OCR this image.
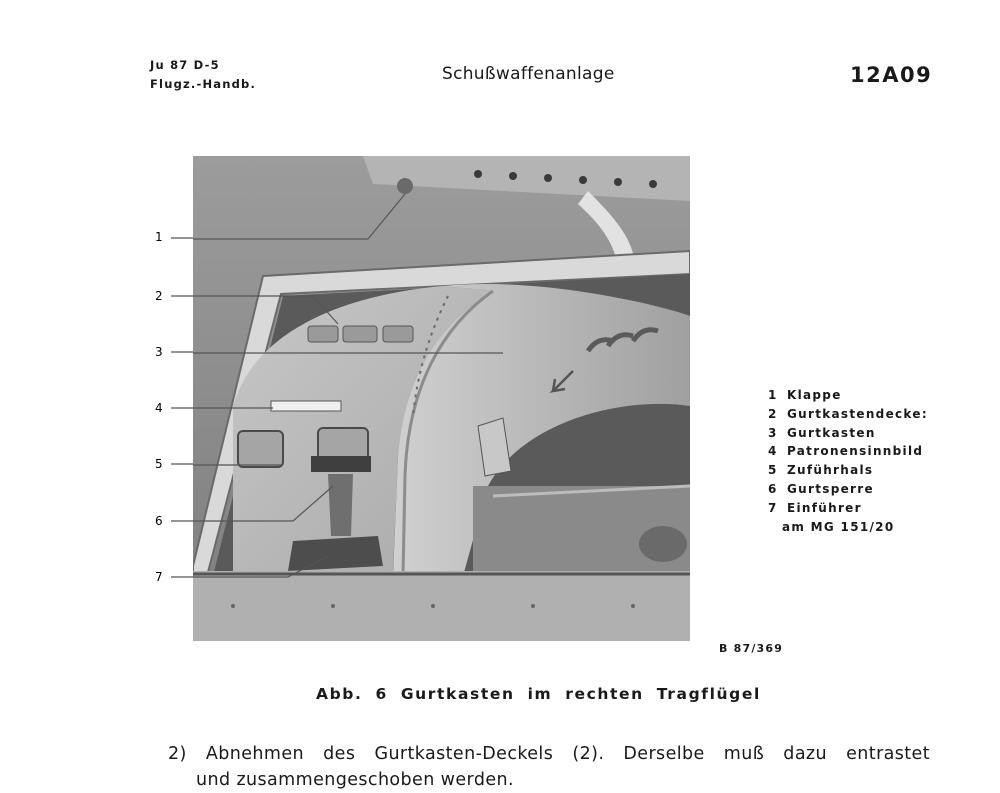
Ju 87 D-5
Flugz.-Handb.	Schußwaffenanlage	12A09
1
2
3
4
5
6
7
1 Klappe
2 Gurtkastendecke:
3 Gurtkasten
4 Patronensinnbild
5 Zuführhals
6 Gurtsperre
7 Einführer
am MG 151/20
B 87/369
Abb. 6 Gurtkasten im rechten Tragflügel
2) Abnehmen des Gurtkasten-Deckels (2). Derselbe muß dazu entrastet
und zusammengeschoben werden.
